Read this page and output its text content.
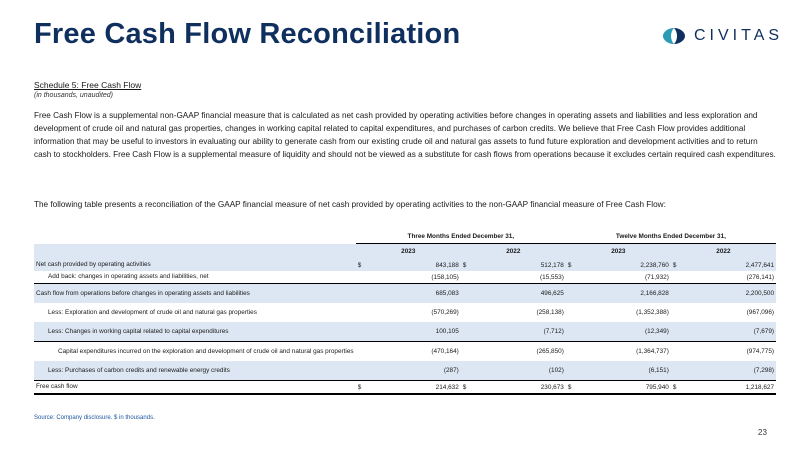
Free Cash Flow Reconciliation	CIVITAS
Schedule 5: Free Cash Flow
(in thousands, unaudited)

Free Cash Flow is a supplemental non-GAAP financial measure that is calculated as net cash provided by operating activities before changes in operating assets and liabilities and less exploration and development of crude oil and natural gas properties, changes in working capital related to capital expenditures, and purchases of carbon credits. We believe that Free Cash Flow provides additional information that may be useful to investors in evaluating our ability to generate cash from our existing crude oil and natural gas assets to fund future exploration and development activities and to return cash to stockholders. Free Cash Flow is a supplemental measure of liquidity and should not be viewed as a substitute for cash flows from operations because it excludes certain required cash expenditures.

The following table presents a reconciliation of the GAAP financial measure of net cash provided by operating activities to the non-GAAP financial measure of Free Cash Flow:

	Three Months Ended December 31,				Twelve Months Ended December 31,			
	2023		2022		2023		2022	
Net cash provided by operating activities	$	843,188	$	512,178	$	2,238,760	$	2,477,641
Add back: changes in operating assets and liabilities, net		(158,105)		(15,553)		(71,932)		(276,141)
Cash flow from operations before changes in operating assets and liabilities		685,083		496,625		2,166,828		2,200,500
Less: Exploration and development of crude oil and natural gas properties		(570,269)		(258,138)		(1,352,388)		(967,096)
Less: Changes in working capital related to capital expenditures		100,105		(7,712)		(12,349)		(7,679)
Capital expenditures incurred on the exploration and development of crude oil and natural gas properties		(470,164)		(265,850)		(1,364,737)		(974,775)
Less: Purchases of carbon credits and renewable energy credits		(287)		(102)		(6,151)		(7,298)
Free cash flow	$	214,632	$	230,673	$	795,940	$	1,218,627
Source: Company disclosure. $ in thousands.
23
